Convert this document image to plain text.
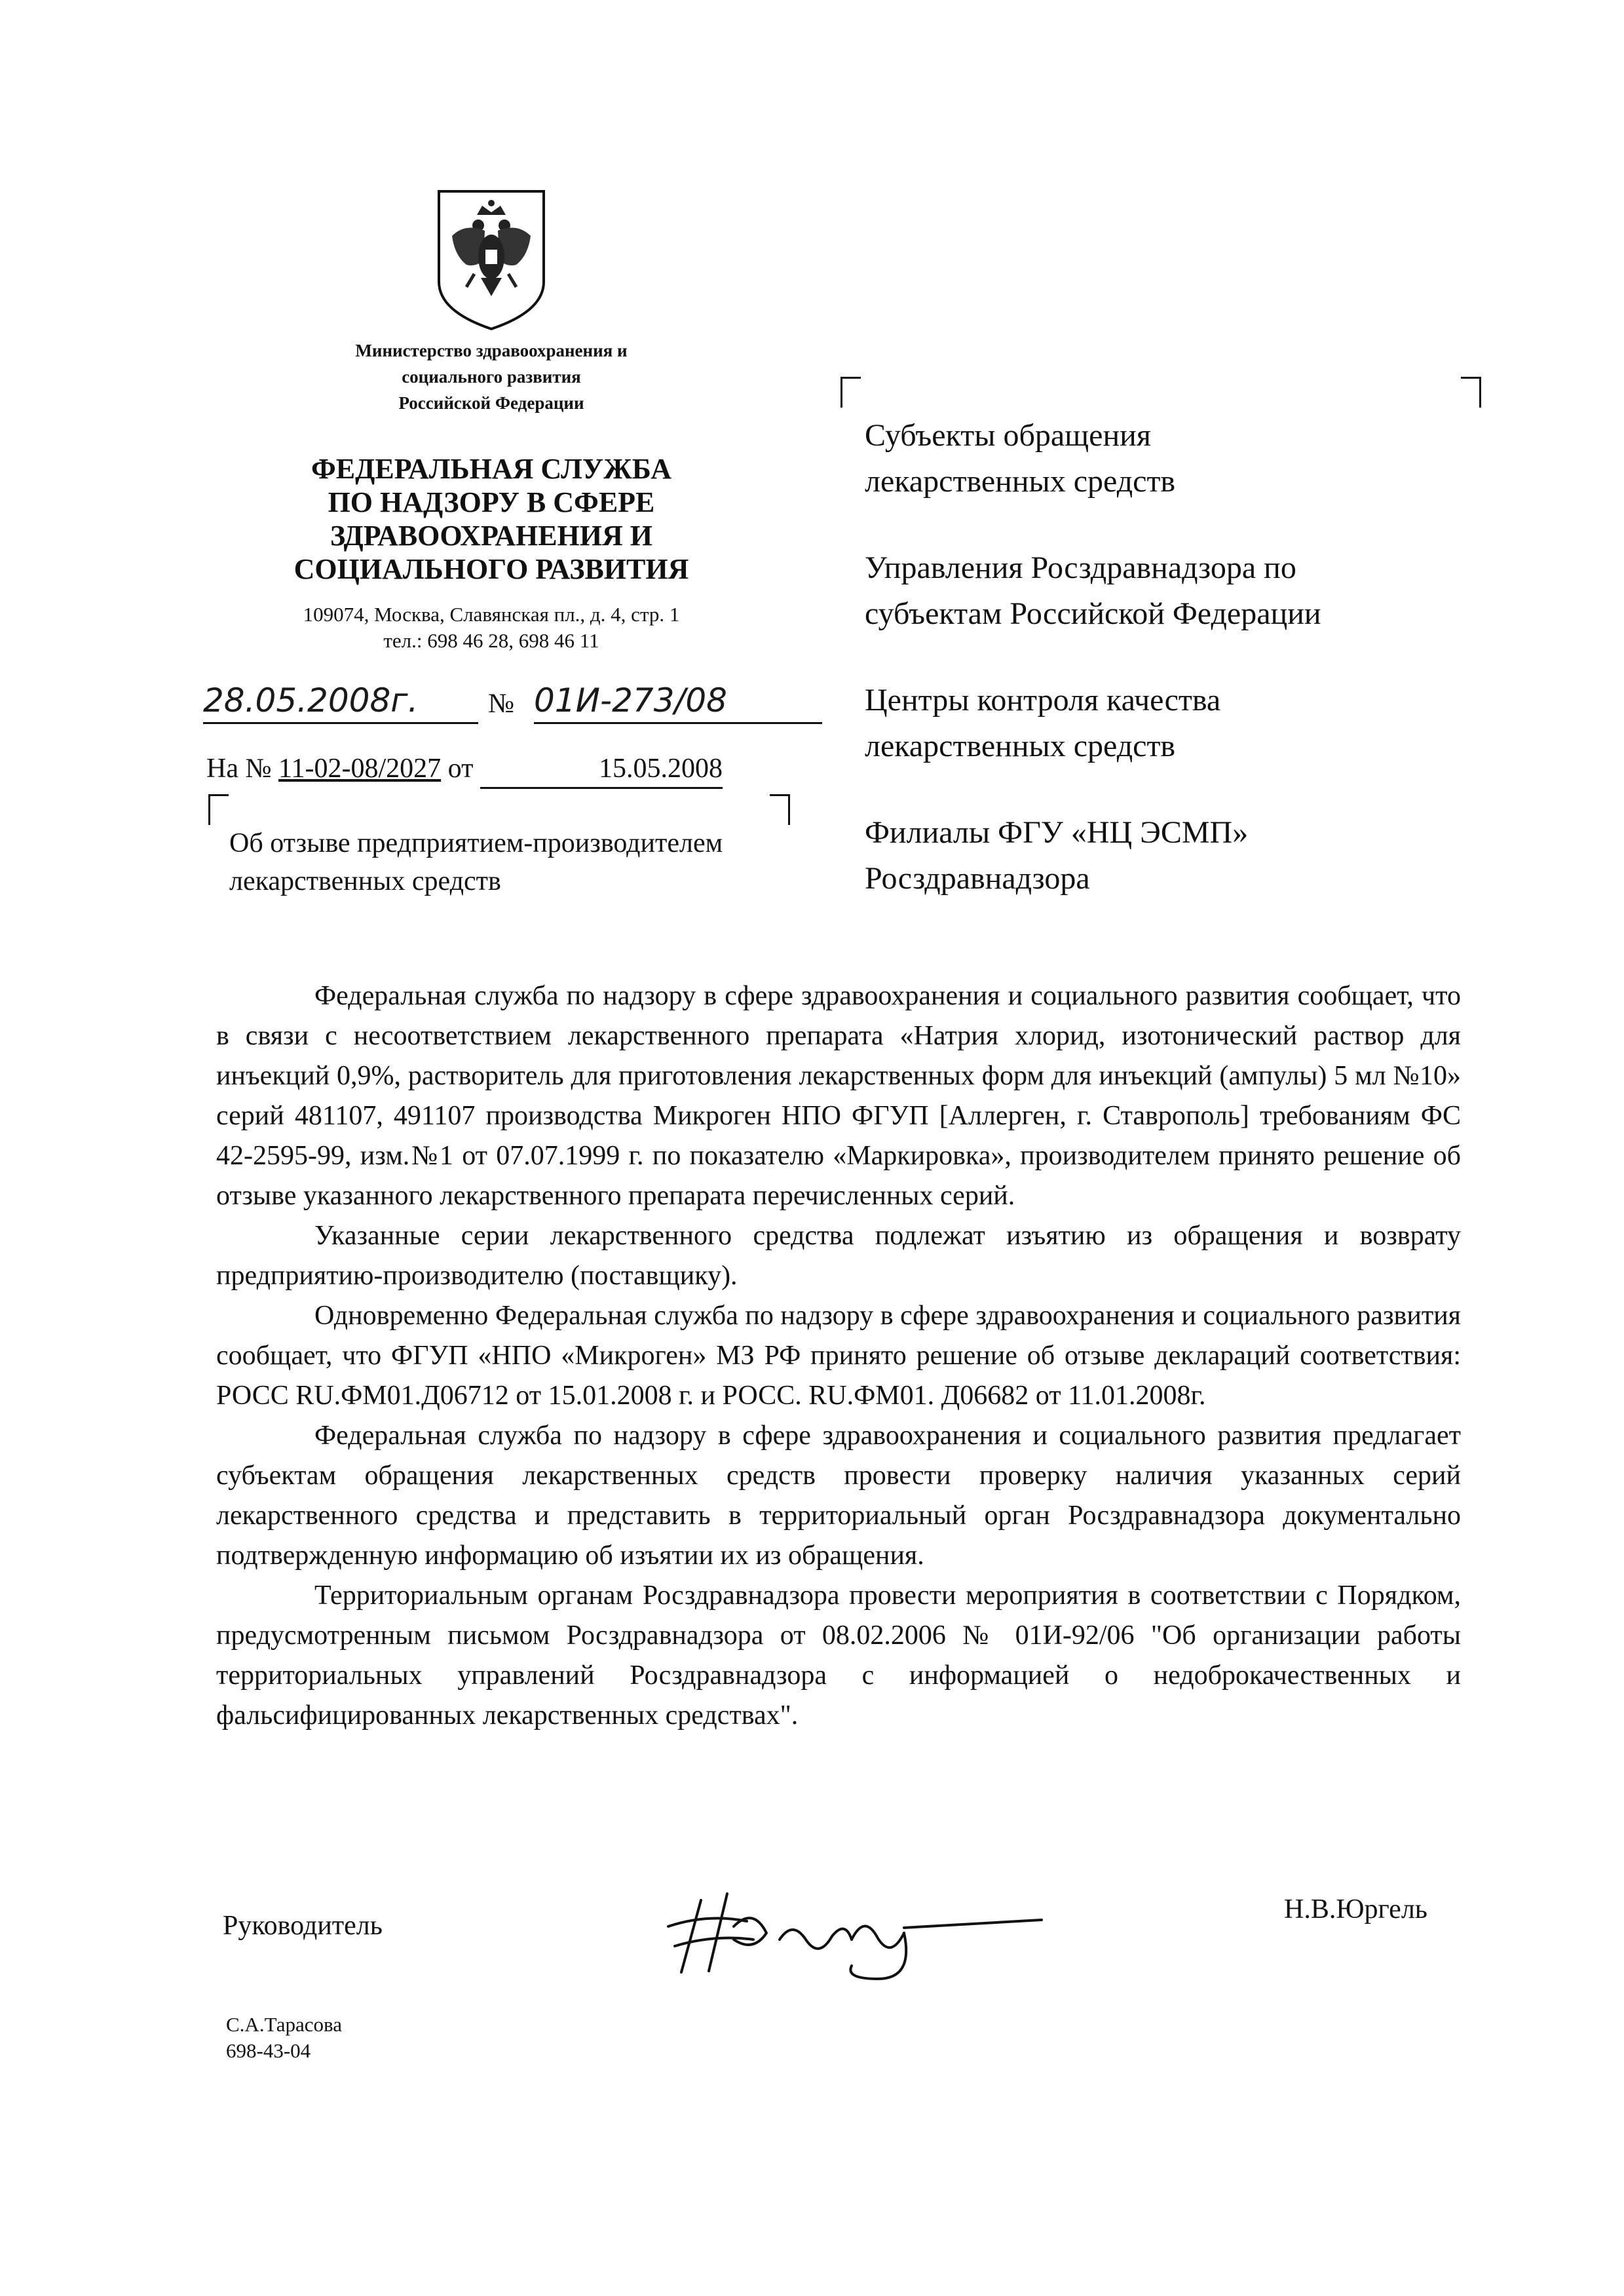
Министерство здравоохранения и
социального развития
Российской Федерации
ФЕДЕРАЛЬНАЯ СЛУЖБА
ПО НАДЗОРУ В СФЕРЕ
ЗДРАВООХРАНЕНИЯ И
СОЦИАЛЬНОГО РАЗВИТИЯ
109074, Москва, Славянская пл., д. 4, стр. 1
тел.: 698 46 28, 698 46 11
28.05.2008г.	№ 01И-273/08
На № 11-02-08/2027 от	15.05.2008
Об отзыве предприятием-производителем
лекарственных средств
Субъекты обращения
лекарственных средств
Управления Росздравнадзора по
субъектам Российской Федерации
Центры контроля качества
лекарственных средств
Филиалы ФГУ «НЦ ЭСМП»
Росздравнадзора

Федеральная служба по надзору в сфере здравоохранения и социального развития сообщает, что в связи с несоответствием лекарственного препарата «Натрия хлорид, изотонический раствор для инъекций 0,9%, растворитель для приготовления лекарственных форм для инъекций (ампулы) 5 мл №10» серий 481107, 491107 производства Микроген НПО ФГУП [Аллерген, г. Ставрополь] требованиям ФС 42-2595-99, изм.№1 от 07.07.1999 г. по показателю «Маркировка», производителем принято решение об отзыве указанного лекарственного препарата перечисленных серий.

Указанные серии лекарственного средства подлежат изъятию из обращения и возврату предприятию-производителю (поставщику).

Одновременно Федеральная служба по надзору в сфере здравоохранения и социального развития сообщает, что ФГУП «НПО «Микроген» МЗ РФ принято решение об отзыве деклараций соответствия: РОСС RU.ФМ01.Д06712 от 15.01.2008 г. и РОСС. RU.ФМ01. Д06682 от 11.01.2008г.

Федеральная служба по надзору в сфере здравоохранения и социального развития предлагает субъектам обращения лекарственных средств провести проверку наличия указанных серий лекарственного средства и представить в территориальный орган Росздравнадзора документально подтвержденную информацию об изъятии их из обращения.

Территориальным органам Росздравнадзора провести мероприятия в соответствии с Порядком, предусмотренным письмом Росздравнадзора от 08.02.2006 № 01И-92/06 "Об организации работы территориальных управлений Росздравнадзора с информацией о недоброкачественных и фальсифицированных лекарственных средствах".

Руководитель
Н.В.Юргель
С.А.Тарасова
698-43-04
